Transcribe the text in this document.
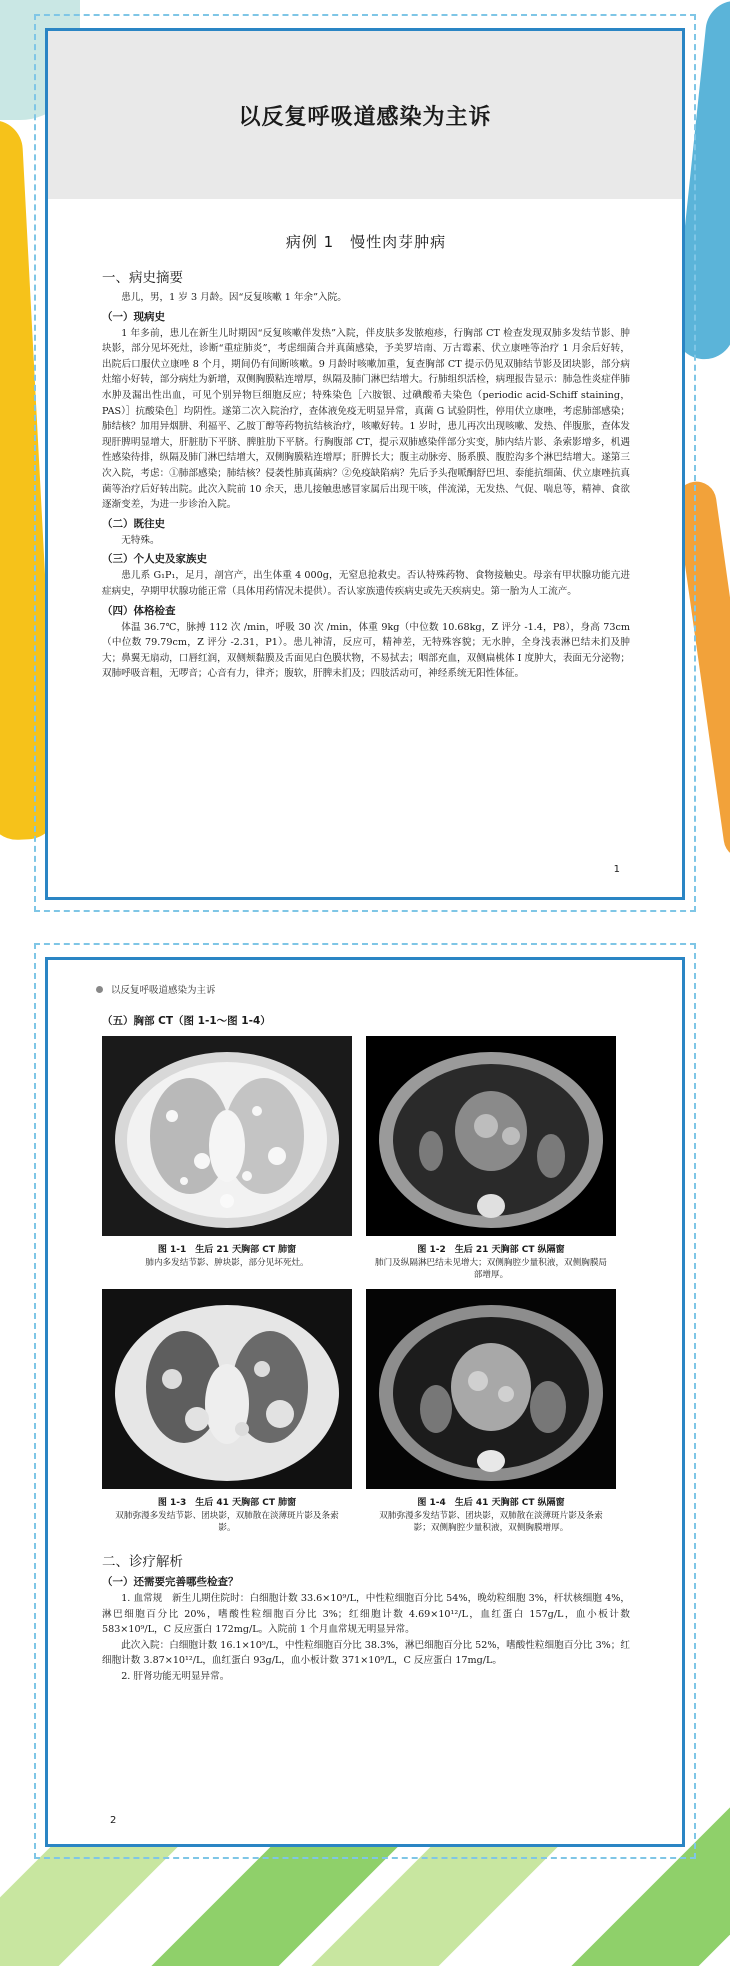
以反复呼吸道感染为主诉
病例 1　慢性肉芽肿病
一、病史摘要
患儿，男，1 岁 3 月龄。因“反复咳嗽 1 年余”入院。
（一）现病史
1 年多前，患儿在新生儿时期因“反复咳嗽伴发热”入院，伴皮肤多发脓疱疹，行胸部 CT 检查发现双肺多发结节影、肿块影，部分见坏死灶，诊断“重症肺炎”，考虑细菌合并真菌感染，予美罗培南、万古霉素、伏立康唑等治疗 1 月余后好转，出院后口服伏立康唑 8 个月，期间仍有间断咳嗽。9 月龄时咳嗽加重，复查胸部 CT 提示仍见双肺结节影及团块影，部分病灶缩小好转，部分病灶为新增，双侧胸膜粘连增厚，纵隔及肺门淋巴结增大。行肺组织活检，病理报告显示：肺急性炎症伴肺水肿及漏出性出血，可见个别异物巨细胞反应；特殊染色［六胺银、过碘酸希夫染色（periodic acid-Schiff staining，PAS）］抗酸染色］均阴性。遂第二次入院治疗，查体液免疫无明显异常，真菌 G 试验阴性，停用伏立康唑，考虑肺部感染；肺结核？加用异烟肼、利福平、乙胺丁醇等药物抗结核治疗，咳嗽好转。1 岁时，患儿再次出现咳嗽、发热、伴腹胀，查体发现肝脾明显增大，肝脏肋下平脐、脾脏肋下平脐。行胸腹部 CT，提示双肺感染伴部分实变，肺内结片影、条索影增多，机遇性感染待排，纵隔及肺门淋巴结增大，双侧胸膜粘连增厚；肝脾长大；腹主动脉旁、肠系膜、腹腔沟多个淋巴结增大。遂第三次入院，考虑：①肺部感染；肺结核？侵袭性肺真菌病？②免疫缺陷病？先后予头孢哌酮舒巴坦、泰能抗细菌、伏立康唑抗真菌等治疗后好转出院。此次入院前 10 余天，患儿接触患感冒家属后出现干咳，伴流涕，无发热、气促、喘息等，精神、食欲逐渐变差，为进一步诊治入院。
（二）既往史
无特殊。
（三）个人史及家族史
患儿系 G₁P₁，足月，剖宫产，出生体重 4 000g，无窒息抢救史。否认特殊药物、食物接触史。母亲有甲状腺功能亢进症病史，孕期甲状腺功能正常（具体用药情况未提供）。否认家族遗传疾病史或先天疾病史。第一胎为人工流产。
（四）体格检查
体温 36.7℃，脉搏 112 次 /min，呼吸 30 次 /min，体重 9kg（中位数 10.68kg，Z 评分 -1.4，P8），身高 73cm（中位数 79.79cm，Z 评分 -2.31，P1）。患儿神清，反应可，精神差，无特殊容貌；无水肿，全身浅表淋巴结未扪及肿大；鼻翼无扇动，口唇红润，双侧颊黏膜及舌面见白色膜状物，不易拭去；咽部充血，双侧扁桃体 I 度肿大，表面无分泌物；双肺呼吸音粗，无啰音；心音有力，律齐；腹软，肝脾未扪及；四肢活动可，神经系统无阳性体征。
1
以反复呼吸道感染为主诉
（五）胸部 CT（图 1-1～图 1-4）
图 1-1　生后 21 天胸部 CT 肺窗
肺内多发结节影、肿块影，部分见坏死灶。
图 1-2　生后 21 天胸部 CT 纵隔窗
肺门及纵隔淋巴结未见增大；双侧胸腔少量积液，双侧胸膜局部增厚。
图 1-3　生后 41 天胸部 CT 肺窗
双肺弥漫多发结节影、团块影，双肺散在淡薄斑片影及条索影。
图 1-4　生后 41 天胸部 CT 纵隔窗
双肺弥漫多发结节影、团块影，双肺散在淡薄斑片影及条索影；双侧胸腔少量积液，双侧胸膜增厚。
二、诊疗解析
（一）还需要完善哪些检查？
1. 血常规　新生儿期住院时：白细胞计数 33.6×10⁹/L，中性粒细胞百分比 54%，晚幼粒细胞 3%，杆状核细胞 4%，淋巴细胞百分比 20%，嗜酸性粒细胞百分比 3%；红细胞计数 4.69×10¹²/L，血红蛋白 157g/L，血小板计数 583×10⁹/L，C 反应蛋白 172mg/L。入院前 1 个月血常规无明显异常。
此次入院：白细胞计数 16.1×10⁹/L，中性粒细胞百分比 38.3%，淋巴细胞百分比 52%，嗜酸性粒细胞百分比 3%；红细胞计数 3.87×10¹²/L，血红蛋白 93g/L，血小板计数 371×10⁹/L，C 反应蛋白 17mg/L。
2. 肝肾功能无明显异常。
2
